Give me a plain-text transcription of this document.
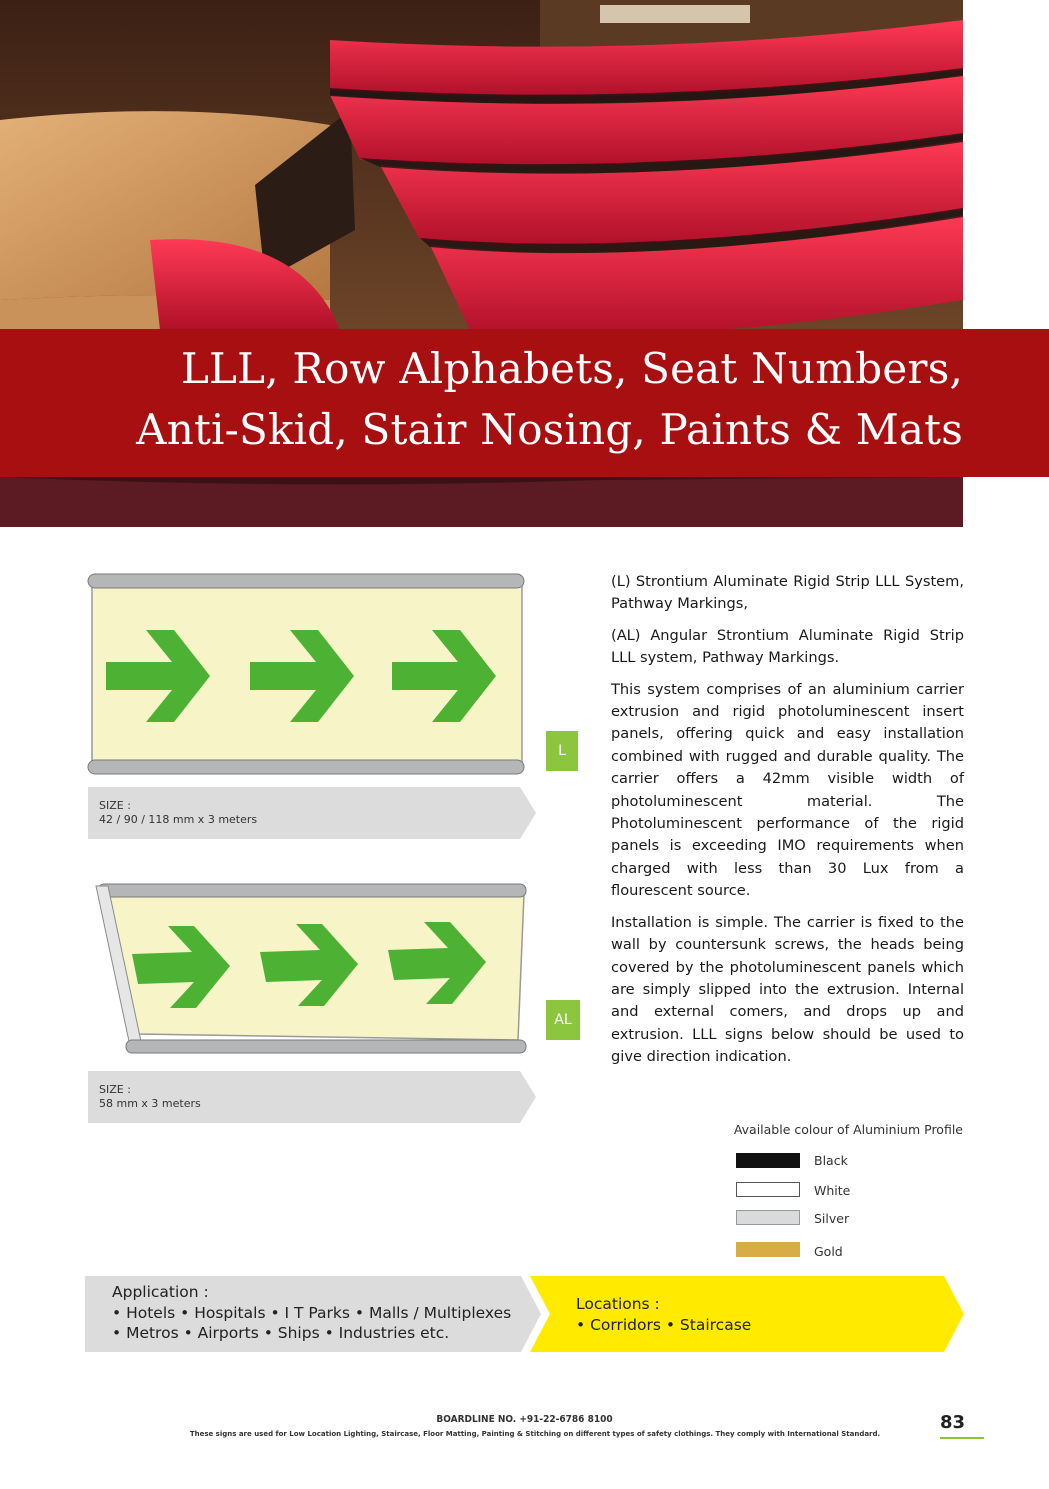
LLL, Row Alphabets, Seat Numbers,
Anti-Skid, Stair Nosing, Paints & Mats
L
SIZE :
42 / 90 / 118 mm x 3 meters
AL
SIZE :
58 mm x 3 meters

(L) Strontium Aluminate Rigid Strip LLL System, Pathway Markings,

(AL) Angular Strontium Aluminate Rigid Strip LLL system, Pathway Markings.

This system comprises of an aluminium carrier extrusion and rigid photoluminescent insert panels, offering quick and easy installation combined with rugged and durable quality. The carrier offers a 42mm visible width of photoluminescent material. The Photoluminescent performance of the rigid panels is exceeding IMO requirements when charged with less than 30 Lux from a flourescent source.

Installation is simple. The carrier is fixed to the wall by countersunk screws, the heads being covered by the photoluminescent panels which are simply slipped into the extrusion. Internal and external comers, and drops up and extrusion. LLL signs below should be used to give direction indication.

Available colour of Aluminium Profile
Black
White
Silver
Gold
Application :
• Hotels • Hospitals • I T Parks • Malls / Multiplexes
• Metros • Airports • Ships • Industries etc.
Locations :
• Corridors • Staircase
BOARDLINE NO. +91-22-6786 8100
These signs are used for Low Location Lighting, Staircase, Floor Matting, Painting & Stitching on different types of safety clothings. They comply with International Standard.
83
